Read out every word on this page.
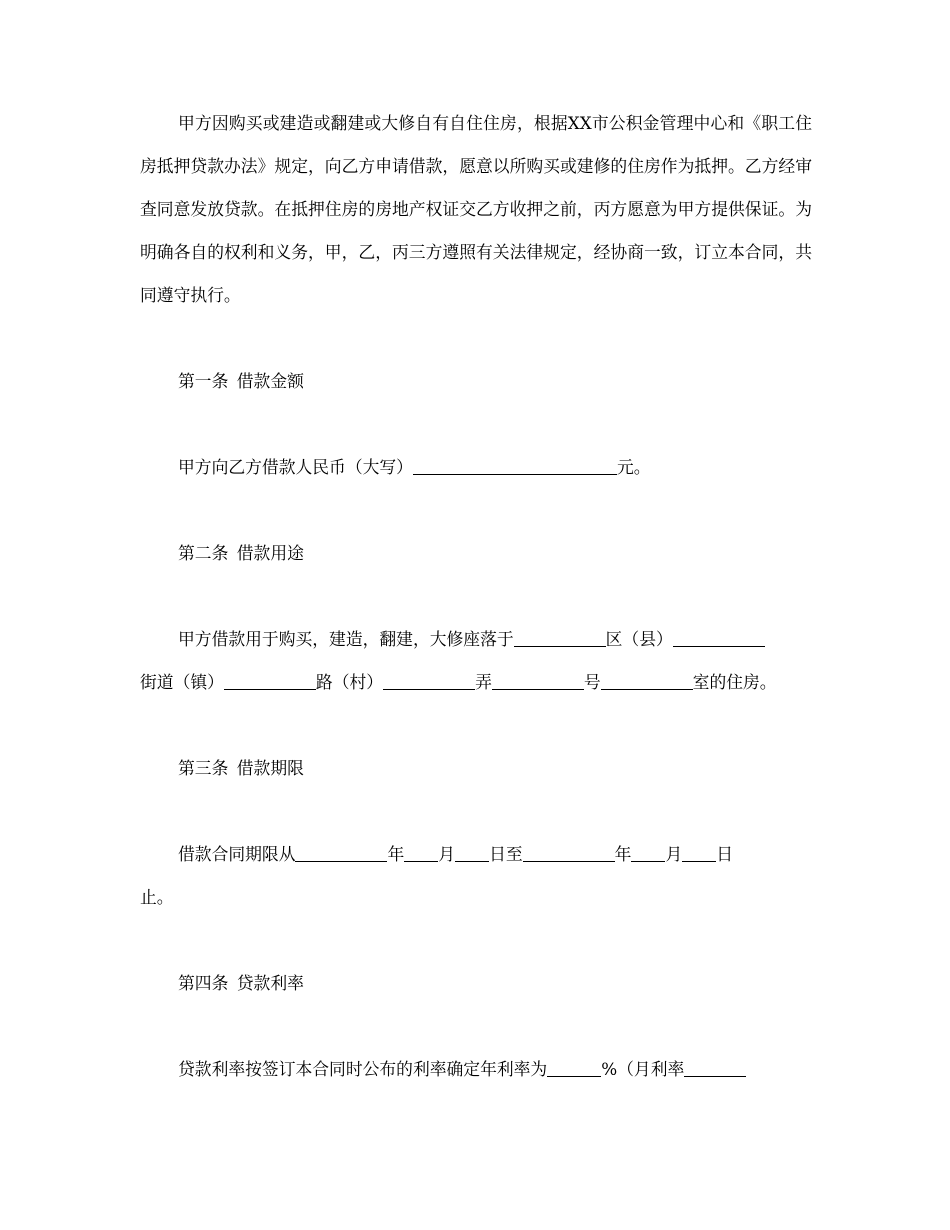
甲方因购买或建造或翻建或大修自有自住住房，根据XX市公积金管理中心和《职工住房抵押贷款办法》规定，向乙方申请借款，愿意以所购买或建修的住房作为抵押。乙方经审查同意发放贷款。在抵押住房的房地产权证交乙方收押之前，丙方愿意为甲方提供保证。为明确各自的权利和义务，甲，乙，丙三方遵照有关法律规定，经协商一致，订立本合同，共同遵守执行。

第一条 借款金额

甲方向乙方借款人民币（大写）	元。

第二条 借款用途

甲方借款用于购买，建造，翻建，大修座落于	区（县）
街道（镇）	路（村）	弄	号	室的住房。

第三条 借款期限

借款合同期限从	年 月 日至	年 月 日
止。

第四条 贷款利率

贷款利率按签订本合同时公布的利率确定年利率为	%（月利率
